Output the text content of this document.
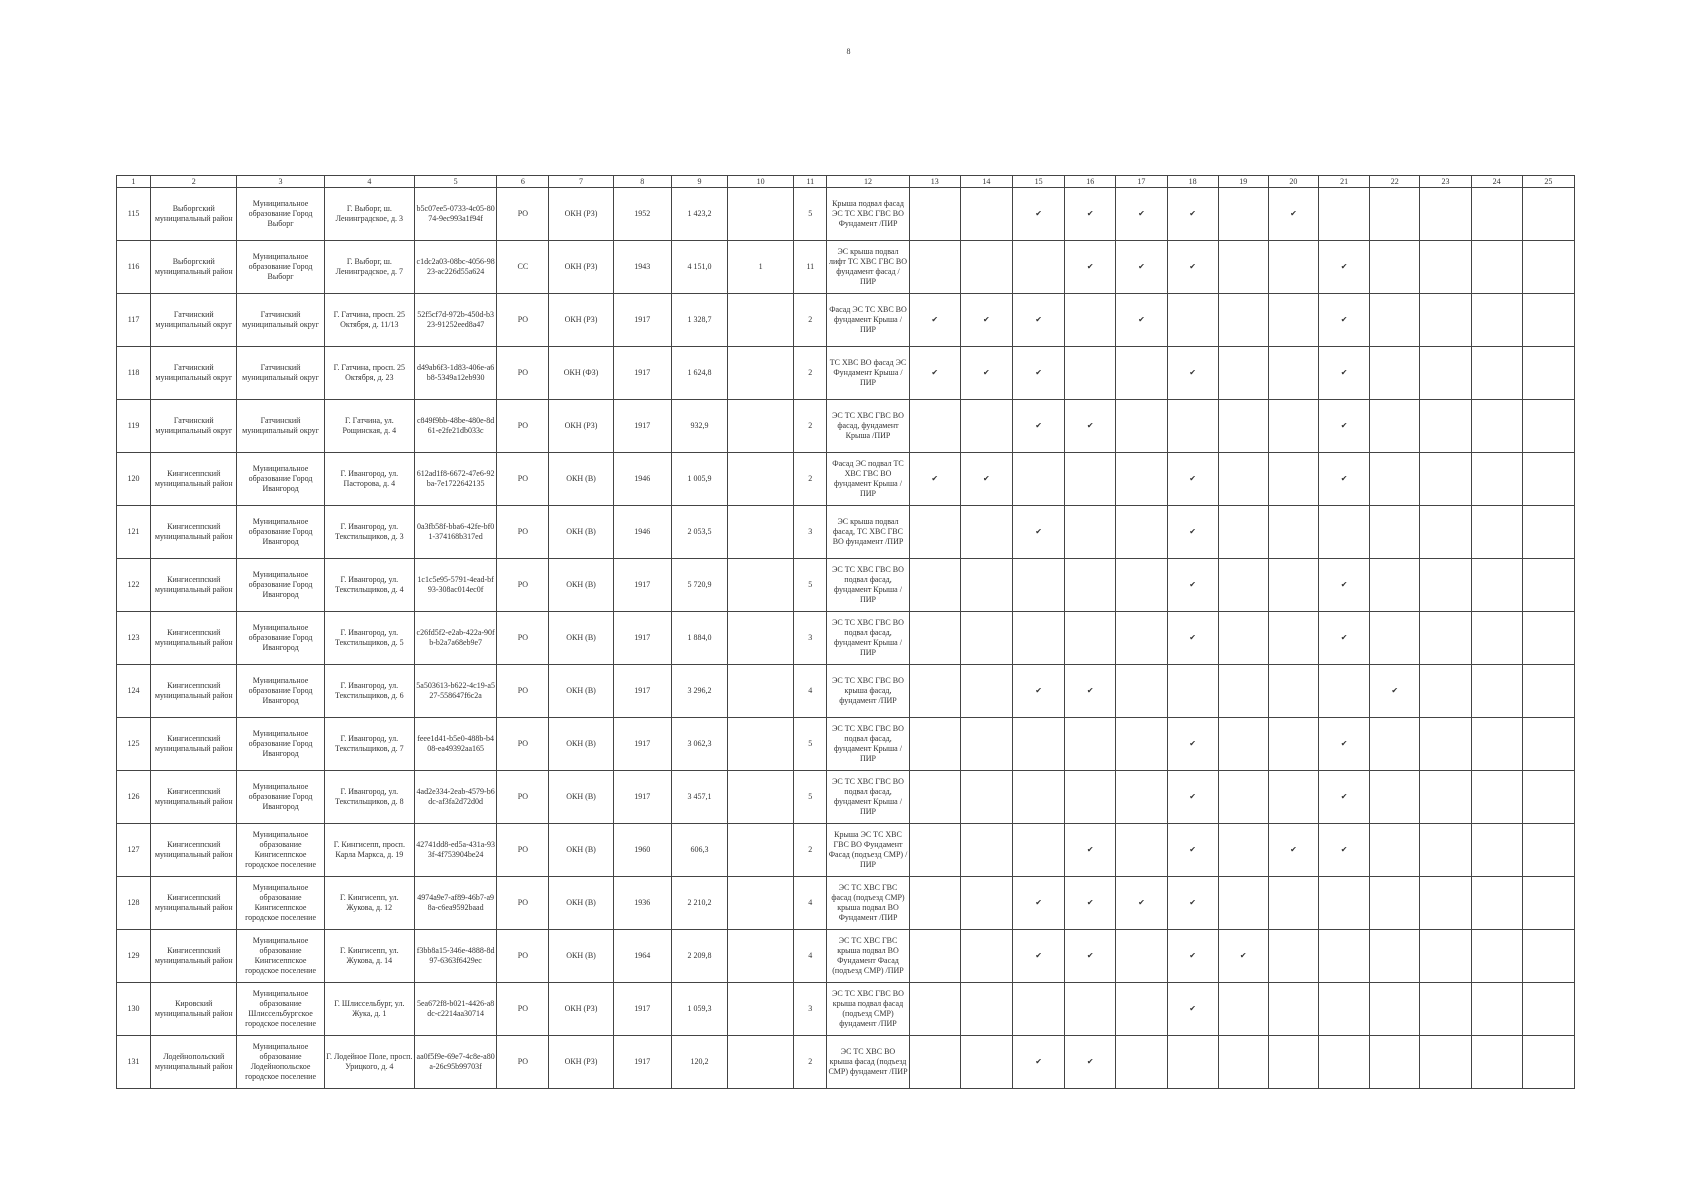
8
1	2	3	4	5	6	7	8	9	10	11	12	13	14	15	16	17	18	19	20	21	22	23	24	25
115	Выборгский муниципальный район	Муниципальное образование Город Выборг	Г. Выборг, ш. Ленинградское, д. 3	b5c07ee5-0733-4c05-8074-9ec993a1f94f	РО	ОКН (РЗ)	1952	1 423,2		5	Крыша подвал фасад ЭС ТС ХВС ГВС ВО Фундамент /ПИР			✔	✔	✔	✔		✔					
116	Выборгский муниципальный район	Муниципальное образование Город Выборг	Г. Выборг, ш. Ленинградское, д. 7	c1dc2a03-08bc-4056-9823-ac226d55a624	СС	ОКН (РЗ)	1943	4 151,0	1	11	ЭС крыша подвал лифт ТС ХВС ГВС ВО фундамент фасад /ПИР				✔	✔	✔			✔				
117	Гатчинский муниципальный округ	Гатчинский муниципальный округ	Г. Гатчина, просп. 25 Октября, д. 11/13	52f5cf7d-972b-450d-b323-91252eed8a47	РО	ОКН (РЗ)	1917	1 328,7		2	Фасад ЭС ТС ХВС ВО фундамент Крыша /ПИР	✔	✔	✔		✔				✔				
118	Гатчинский муниципальный округ	Гатчинский муниципальный округ	Г. Гатчина, просп. 25 Октября, д. 23	d49ab6f3-1d83-406e-a6b8-5349a12eb930	РО	ОКН (ФЗ)	1917	1 624,8		2	ТС ХВС ВО фасад ЭС Фундамент Крыша /ПИР	✔	✔	✔			✔			✔				
119	Гатчинский муниципальный округ	Гатчинский муниципальный округ	Г. Гатчина, ул. Рощинская, д. 4	c849f9bb-48be-480e-8d61-e2fe21db033c	РО	ОКН (РЗ)	1917	932,9		2	ЭС ТС ХВС ГВС ВО фасад, фундамент Крыша /ПИР			✔	✔					✔				
120	Кингисеппский муниципальный район	Муниципальное образование Город Ивангород	Г. Ивангород, ул. Пасторова, д. 4	612ad1f8-6672-47e6-92ba-7e1722642135	РО	ОКН (В)	1946	1 005,9		2	Фасад ЭС подвал ТС ХВС ГВС ВО фундамент Крыша /ПИР	✔	✔				✔			✔				
121	Кингисеппский муниципальный район	Муниципальное образование Город Ивангород	Г. Ивангород, ул. Текстильщиков, д. 3	0a3fb58f-bba6-42fe-bf01-374168b317ed	РО	ОКН (В)	1946	2 053,5		3	ЭС крыша подвал фасад, ТС ХВС ГВС ВО фундамент /ПИР			✔			✔							
122	Кингисеппский муниципальный район	Муниципальное образование Город Ивангород	Г. Ивангород, ул. Текстильщиков, д. 4	1c1c5e95-5791-4ead-bf93-308ac014ec0f	РО	ОКН (В)	1917	5 720,9		5	ЭС ТС ХВС ГВС ВО подвал фасад, фундамент Крыша /ПИР						✔			✔				
123	Кингисеппский муниципальный район	Муниципальное образование Город Ивангород	Г. Ивангород, ул. Текстильщиков, д. 5	c26fd5f2-e2ab-422a-90fb-b2a7a68eb9e7	РО	ОКН (В)	1917	1 884,0		3	ЭС ТС ХВС ГВС ВО подвал фасад, фундамент Крыша /ПИР						✔			✔				
124	Кингисеппский муниципальный район	Муниципальное образование Город Ивангород	Г. Ивангород, ул. Текстильщиков, д. 6	5a503613-b622-4c19-a527-558647f6c2a	РО	ОКН (В)	1917	3 296,2		4	ЭС ТС ХВС ГВС ВО крыша фасад, фундамент /ПИР			✔	✔						✔			
125	Кингисеппский муниципальный район	Муниципальное образование Город Ивангород	Г. Ивангород, ул. Текстильщиков, д. 7	feee1d41-b5e0-488b-b408-ea49392aa165	РО	ОКН (В)	1917	3 062,3		5	ЭС ТС ХВС ГВС ВО подвал фасад, фундамент Крыша /ПИР						✔			✔				
126	Кингисеппский муниципальный район	Муниципальное образование Город Ивангород	Г. Ивангород, ул. Текстильщиков, д. 8	4ad2e334-2eab-4579-b6dc-af3fa2d72d0d	РО	ОКН (В)	1917	3 457,1		5	ЭС ТС ХВС ГВС ВО подвал фасад, фундамент Крыша /ПИР						✔			✔				
127	Кингисеппский муниципальный район	Муниципальное образование Кингисеппское городское поселение	Г. Кингисепп, просп. Карла Маркса, д. 19	42741dd8-ed5a-431a-933f-4f753904be24	РО	ОКН (В)	1960	606,3		2	Крыша ЭС ТС ХВС ГВС ВО Фундамент Фасад (подъезд СМР) /ПИР				✔		✔		✔	✔				
128	Кингисеппский муниципальный район	Муниципальное образование Кингисеппское городское поселение	Г. Кингисепп, ул. Жукова, д. 12	4974a9e7-af89-46b7-a98a-c6ea9592baad	РО	ОКН (В)	1936	2 210,2		4	ЭС ТС ХВС ГВС фасад (подъезд СМР) крыша подвал ВО Фундамент /ПИР			✔	✔	✔	✔							
129	Кингисеппский муниципальный район	Муниципальное образование Кингисеппское городское поселение	Г. Кингисепп, ул. Жукова, д. 14	f3bb8a15-346e-4888-8d97-6363f6429ec	РО	ОКН (В)	1964	2 209,8		4	ЭС ТС ХВС ГВС крыша подвал ВО Фундамент Фасад (подъезд СМР) /ПИР			✔	✔		✔	✔						
130	Кировский муниципальный район	Муниципальное образование Шлиссельбургское городское поселение	Г. Шлиссельбург, ул. Жука, д. 1	5ea672f8-b021-4426-a8dc-c2214aa30714	РО	ОКН (РЗ)	1917	1 059,3		3	ЭС ТС ХВС ГВС ВО крыша подвал фасад (подъезд СМР) фундамент /ПИР						✔							
131	Лодейнопольский муниципальный район	Муниципальное образование Лодейнопольское городское поселение	Г. Лодейное Поле, просп. Урицкого, д. 4	aa0f5f9e-69e7-4c8e-a80a-26c95b99703f	РО	ОКН (РЗ)	1917	120,2		2	ЭС ТС ХВС ВО крыша фасад (подъезд СМР) фундамент /ПИР			✔	✔									
